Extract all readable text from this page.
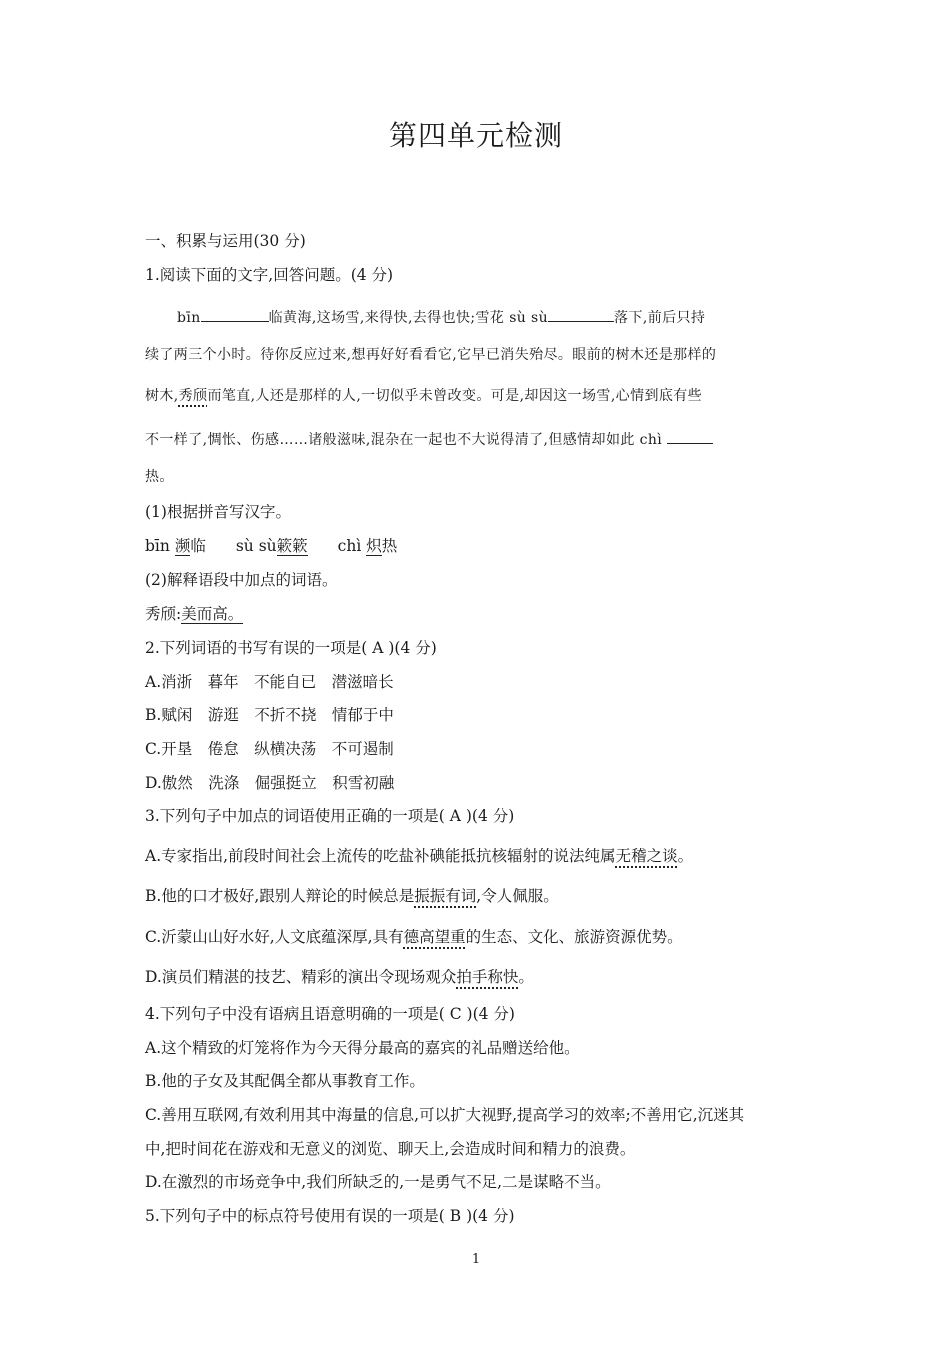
第四单元检测
一、积累与运用(30 分)
1.阅读下面的文字,回答问题。(4 分)
bīn	临黄海,这场雪,来得快,去得也快;雪花 sù sù	落下,前后只持
续了两三个小时。待你反应过来,想再好好看看它,它早已消失殆尽。眼前的树木还是那样的
树木,秀颀而笔直,人还是那样的人,一切似乎未曾改变。可是,却因这一场雪,心情到底有些
不一样了,惆怅、伤感……诸般滋味,混杂在一起也不大说得清了,但感情却如此 chì
热。
(1)根据拼音写汉字。
bīn 濒临 sù sù簌簌 chì 炽热
(2)解释语段中加点的词语。
秀颀:美而高。
2.下列词语的书写有误的一项是( A )(4 分)
A.消浙　暮年　不能自已　潜滋暗长
B.赋闲　游逛　不折不挠　情郁于中
C.开垦　倦怠　纵横决荡　不可遏制
D.傲然　洗涤　倔强挺立　积雪初融
3.下列句子中加点的词语使用正确的一项是( A )(4 分)
A.专家指出,前段时间社会上流传的吃盐补碘能抵抗核辐射的说法纯属无稽之谈。
B.他的口才极好,跟别人辩论的时候总是振振有词,令人佩服。
C.沂蒙山山好水好,人文底蕴深厚,具有德高望重的生态、文化、旅游资源优势。
D.演员们精湛的技艺、精彩的演出令现场观众拍手称快。
4.下列句子中没有语病且语意明确的一项是( C )(4 分)
A.这个精致的灯笼将作为今天得分最高的嘉宾的礼品赠送给他。
B.他的子女及其配偶全都从事教育工作。
C.善用互联网,有效利用其中海量的信息,可以扩大视野,提高学习的效率;不善用它,沉迷其
中,把时间花在游戏和无意义的浏览、聊天上,会造成时间和精力的浪费。
D.在激烈的市场竞争中,我们所缺乏的,一是勇气不足,二是谋略不当。
5.下列句子中的标点符号使用有误的一项是( B )(4 分)
1
